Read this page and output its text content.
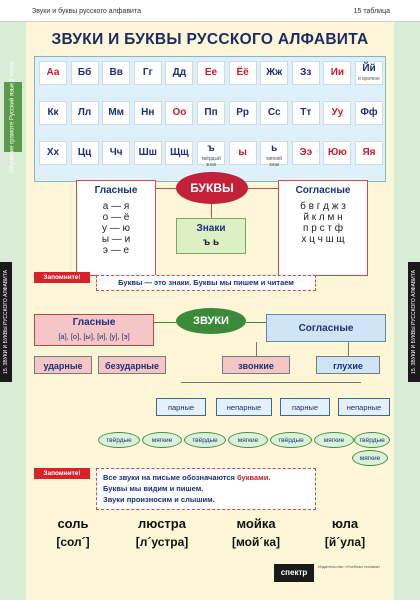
Звуки и буквы русского алфавита	15 таблица
Обучение грамоте Русский язык 2 класс
15. ЗВУКИ И БУКВЫ РУССКОГО АЛФАВИТА	15. ЗВУКИ И БУКВЫ РУССКОГО АЛФАВИТА
ЗВУКИ И БУКВЫ РУССКОГО АЛФАВИТА
Аа	Бб	Вв	Гг	Дд	Ее	Ёё	Жж	Зз	Ии	Йй
и краткое
Кк	Лл	Мм	Нн	Оо	Пп	Рр	Сс	Тт	Уу	Фф
Хх	Цц	Чч	Шш	Щщ	ъ
твёрдый знак
ы	ь
мягкий знак
Ээ	Юю	Яя
Гласные
а — я
о — ё
у — ю
ы — и
э — е
БУКВЫ	Согласные
б в г д ж з
й к л м н
п р с т ф
х ц ч ш щ
Знаки
ъ ь
Запомните!
Буквы — это знаки. Буквы мы пишем и читаем
Гласные
[а], [о], [ы], [и], [у], [э]
ЗВУКИ
Согласные
ударные	безударные	звонкие	глухие
парные	непарные	парные	непарные
твёрдые	мягкие	твёрдые	мягкие	твёрдые	мягкие	твёрдые
мягкие
Запомните!	Все звуки на письме обозначаются буквами.
Буквы мы видим и пишем.
Звуки произносим и слышим.
соль
[сол´]
люстра
[л´устра]
мойка
[мой´ка]
юла
[й´ула]
спектр
Издательство «Учебная техника»
